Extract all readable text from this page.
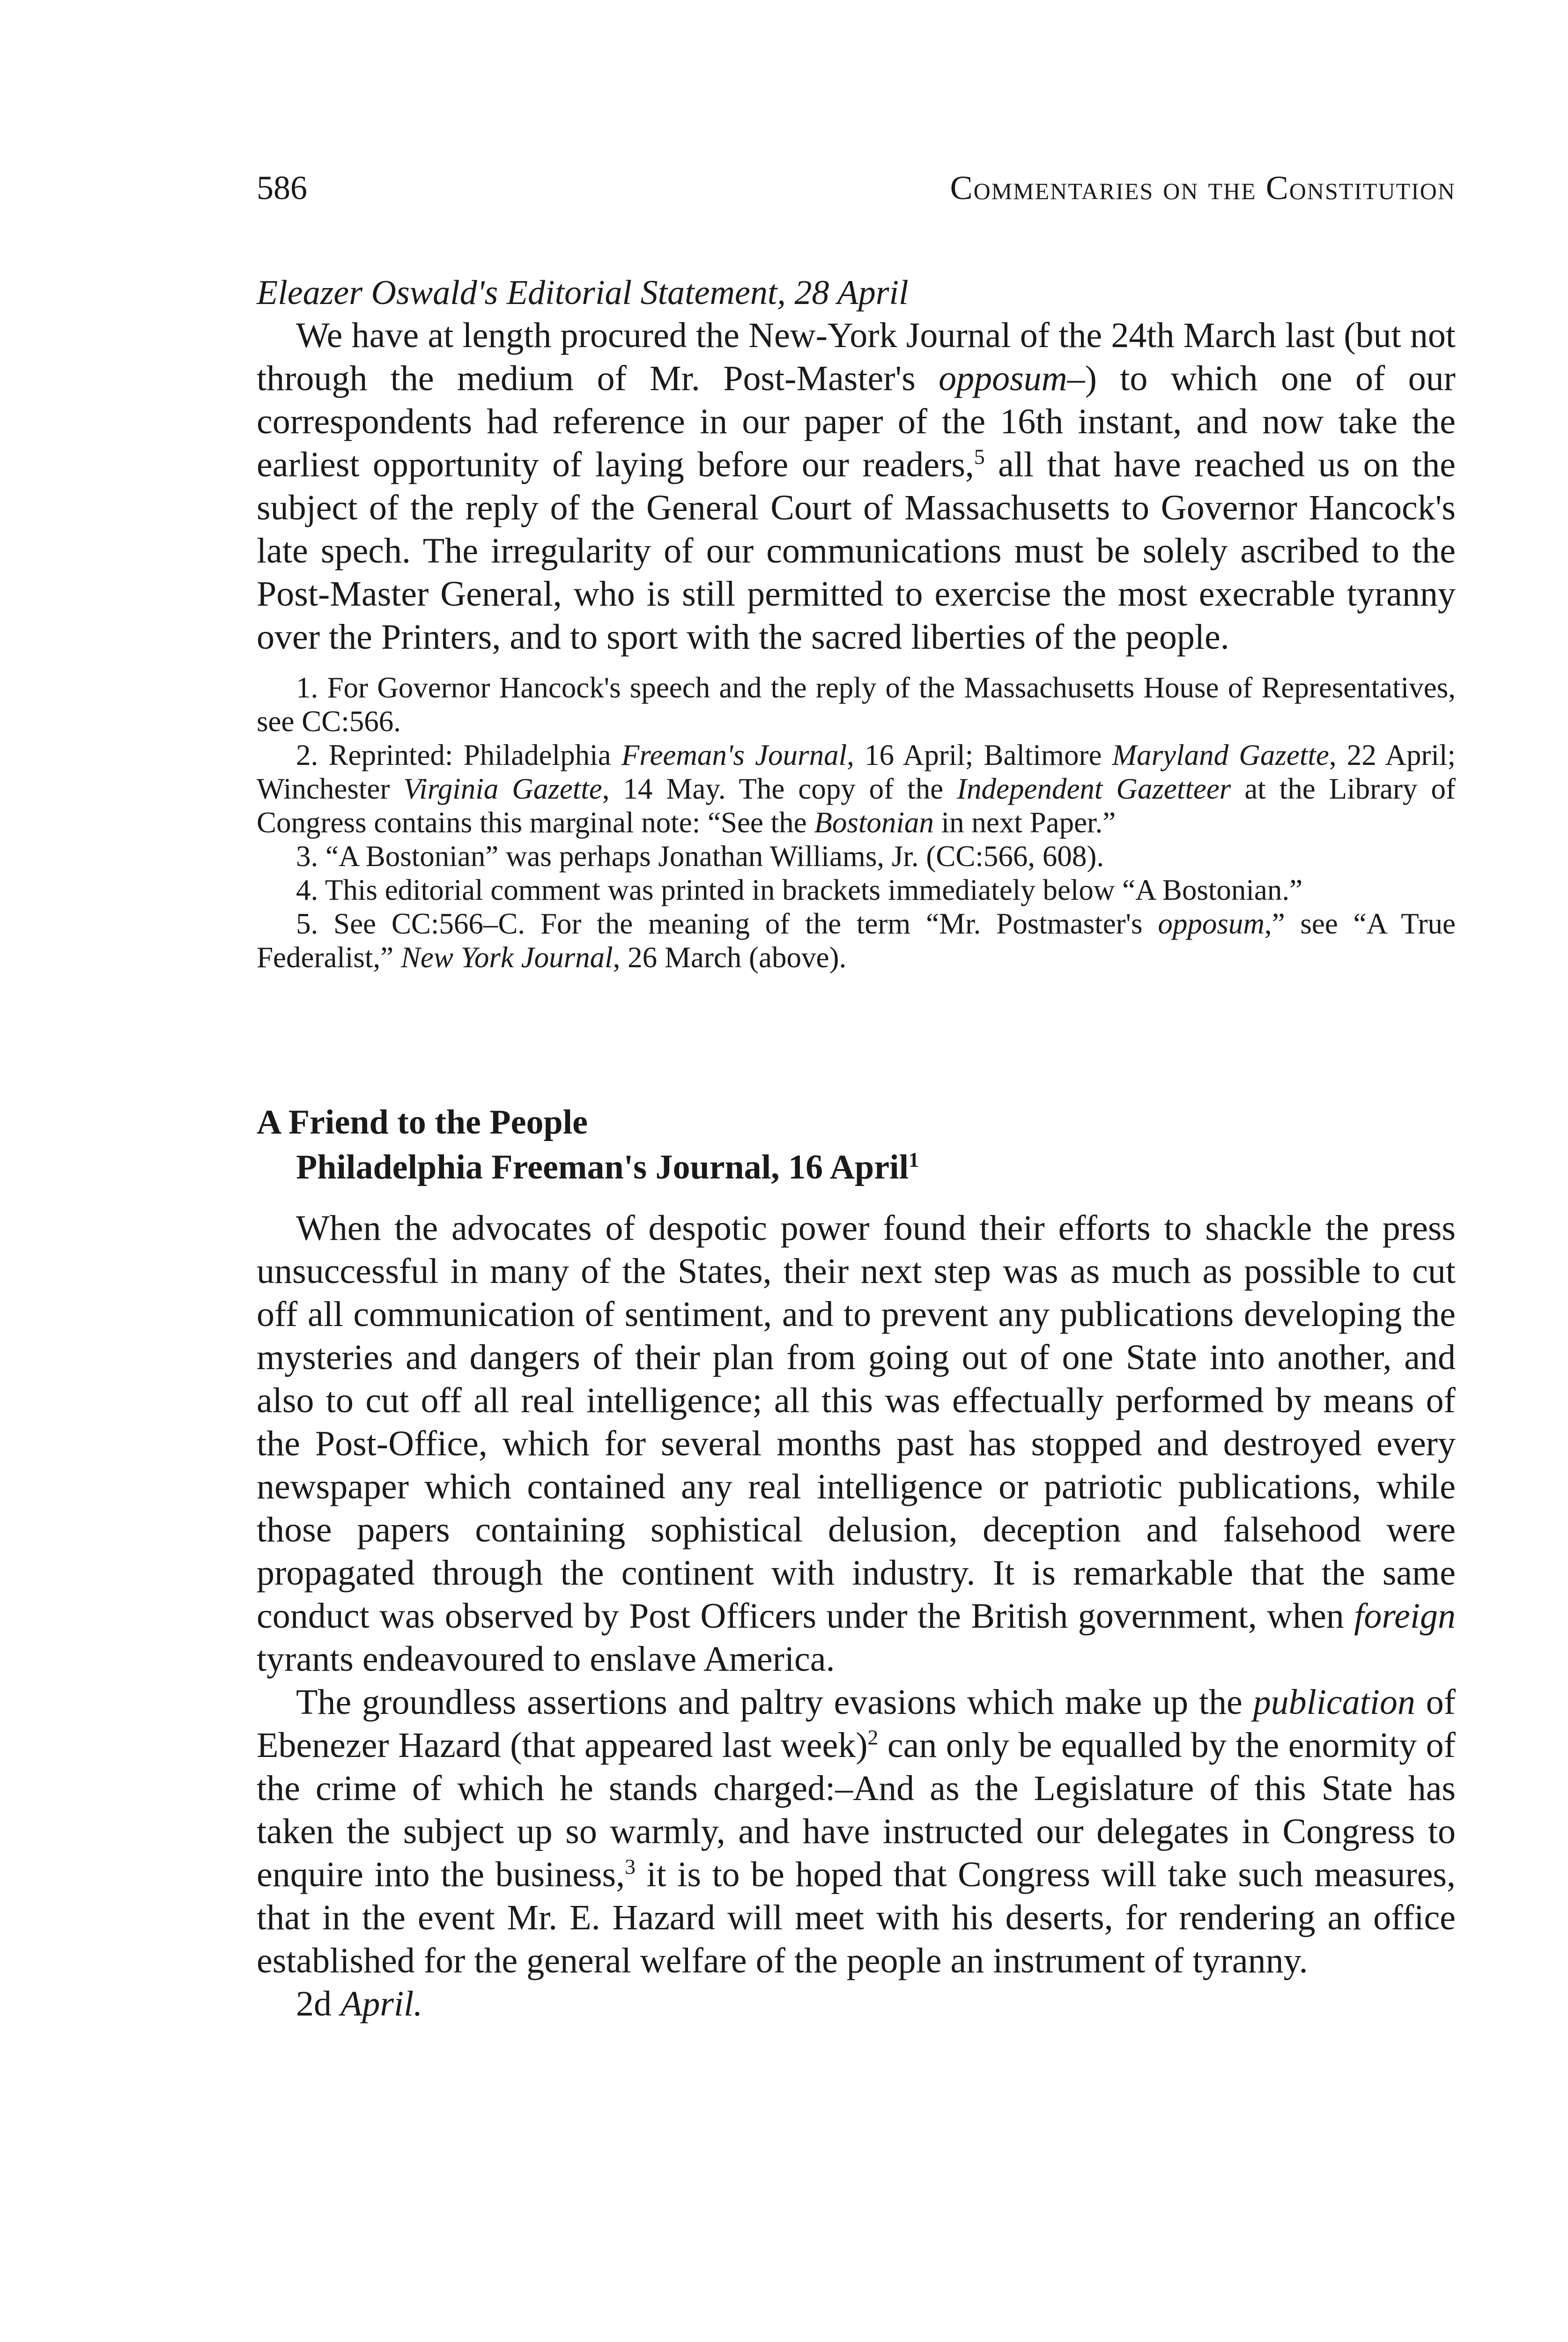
586	Commentaries on the Constitution
Eleazer Oswald's Editorial Statement, 28 April

We have at length procured the New-York Journal of the 24th March last (but not through the medium of Mr. Post-Master's opposum–) to which one of our correspondents had reference in our paper of the 16th instant, and now take the earliest opportunity of laying before our readers,$^5$ all that have reached us on the subject of the reply of the General Court of Massachusetts to Governor Hancock's late spech. The irregularity of our communications must be solely ascribed to the Post-Master General, who is still permitted to exercise the most execrable tyranny over the Printers, and to sport with the sacred liberties of the people.

1. For Governor Hancock's speech and the reply of the Massachusetts House of Representatives, see CC:566.

2. Reprinted: Philadelphia Freeman's Journal, 16 April; Baltimore Maryland Gazette, 22 April; Winchester Virginia Gazette, 14 May. The copy of the Independent Gazetteer at the Library of Congress contains this marginal note: “See the Bostonian in next Paper.”

3. “A Bostonian” was perhaps Jonathan Williams, Jr. (CC:566, 608).

4. This editorial comment was printed in brackets immediately below “A Bostonian.”

5. See CC:566–C. For the meaning of the term “Mr. Postmaster's opposum,” see “A True Federalist,” New York Journal, 26 March (above).

A Friend to the People
Philadelphia Freeman's Journal, 16 April$^1$

When the advocates of despotic power found their efforts to shackle the press unsuccessful in many of the States, their next step was as much as possible to cut off all communication of sentiment, and to prevent any publications developing the mysteries and dangers of their plan from going out of one State into another, and also to cut off all real intelligence; all this was effectually performed by means of the Post-Office, which for several months past has stopped and destroyed every newspaper which contained any real intelligence or patriotic publications, while those papers containing sophistical delusion, deception and falsehood were propagated through the continent with industry. It is remarkable that the same conduct was observed by Post Officers under the British government, when foreign tyrants endeavoured to enslave America.

The groundless assertions and paltry evasions which make up the publication of Ebenezer Hazard (that appeared last week)$^2$ can only be equalled by the enormity of the crime of which he stands charged:–And as the Legislature of this State has taken the subject up so warmly, and have instructed our delegates in Congress to enquire into the business,$^3$ it is to be hoped that Congress will take such measures, that in the event Mr. E. Hazard will meet with his deserts, for rendering an office established for the general welfare of the people an instrument of tyranny.

2d April.
